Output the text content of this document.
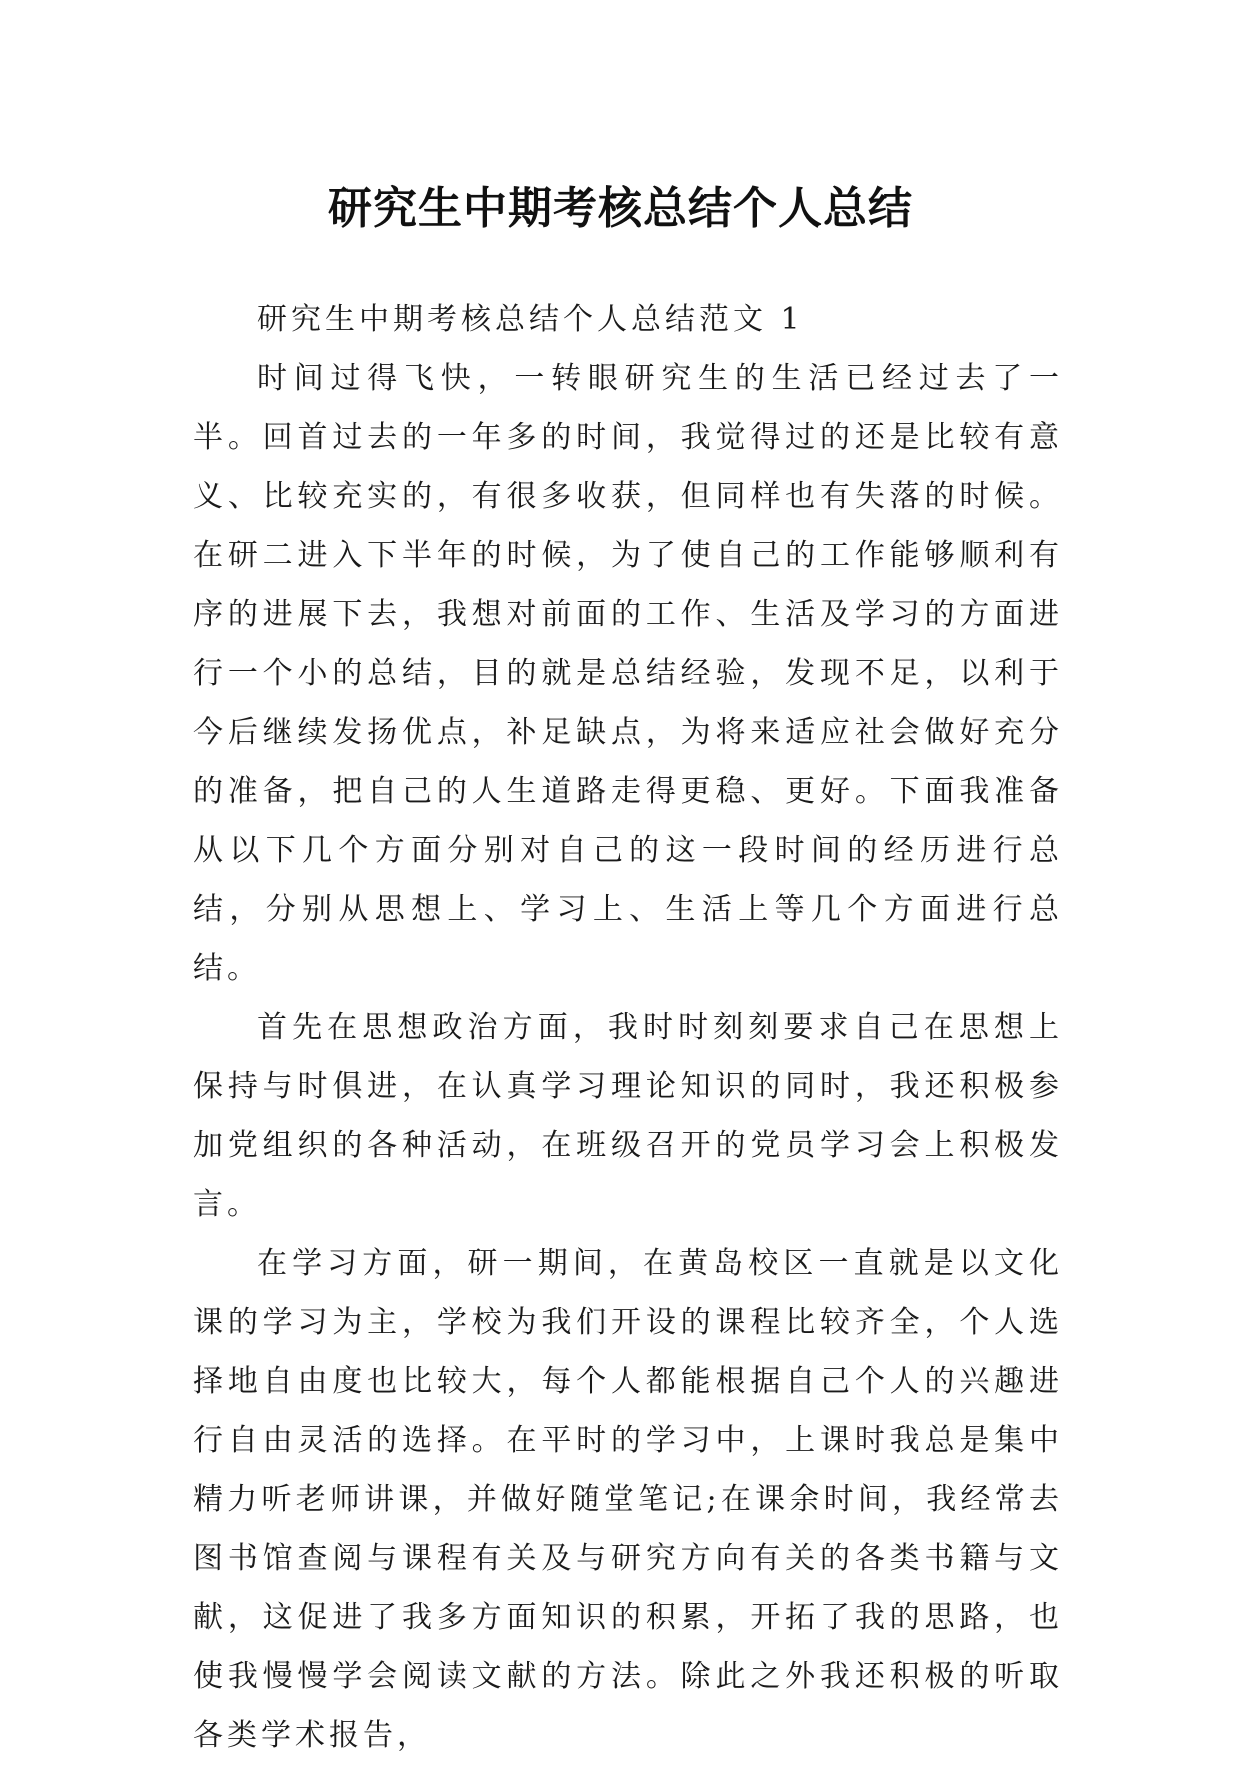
研究生中期考核总结个人总结

研究生中期考核总结个人总结范文 1

时间过得飞快，一转眼研究生的生活已经过去了一半。回首过去的一年多的时间，我觉得过的还是比较有意义、比较充实的，有很多收获，但同样也有失落的时候。在研二进入下半年的时候，为了使自己的工作能够顺利有序的进展下去，我想对前面的工作、生活及学习的方面进行一个小的总结，目的就是总结经验，发现不足，以利于今后继续发扬优点，补足缺点，为将来适应社会做好充分的准备，把自己的人生道路走得更稳、更好。下面我准备从以下几个方面分别对自己的这一段时间的经历进行总结，分别从思想上、学习上、生活上等几个方面进行总结。

首先在思想政治方面，我时时刻刻要求自己在思想上保持与时俱进，在认真学习理论知识的同时，我还积极参加党组织的各种活动，在班级召开的党员学习会上积极发言。

在学习方面，研一期间，在黄岛校区一直就是以文化课的学习为主，学校为我们开设的课程比较齐全，个人选择地自由度也比较大，每个人都能根据自己个人的兴趣进行自由灵活的选择。在平时的学习中，上课时我总是集中精力听老师讲课，并做好随堂笔记;在课余时间，我经常去图书馆查阅与课程有关及与研究方向有关的各类书籍与文献，这促进了我多方面知识的积累，开拓了我的思路，也使我慢慢学会阅读文献的方法。除此之外我还积极的听取各类学术报告，
